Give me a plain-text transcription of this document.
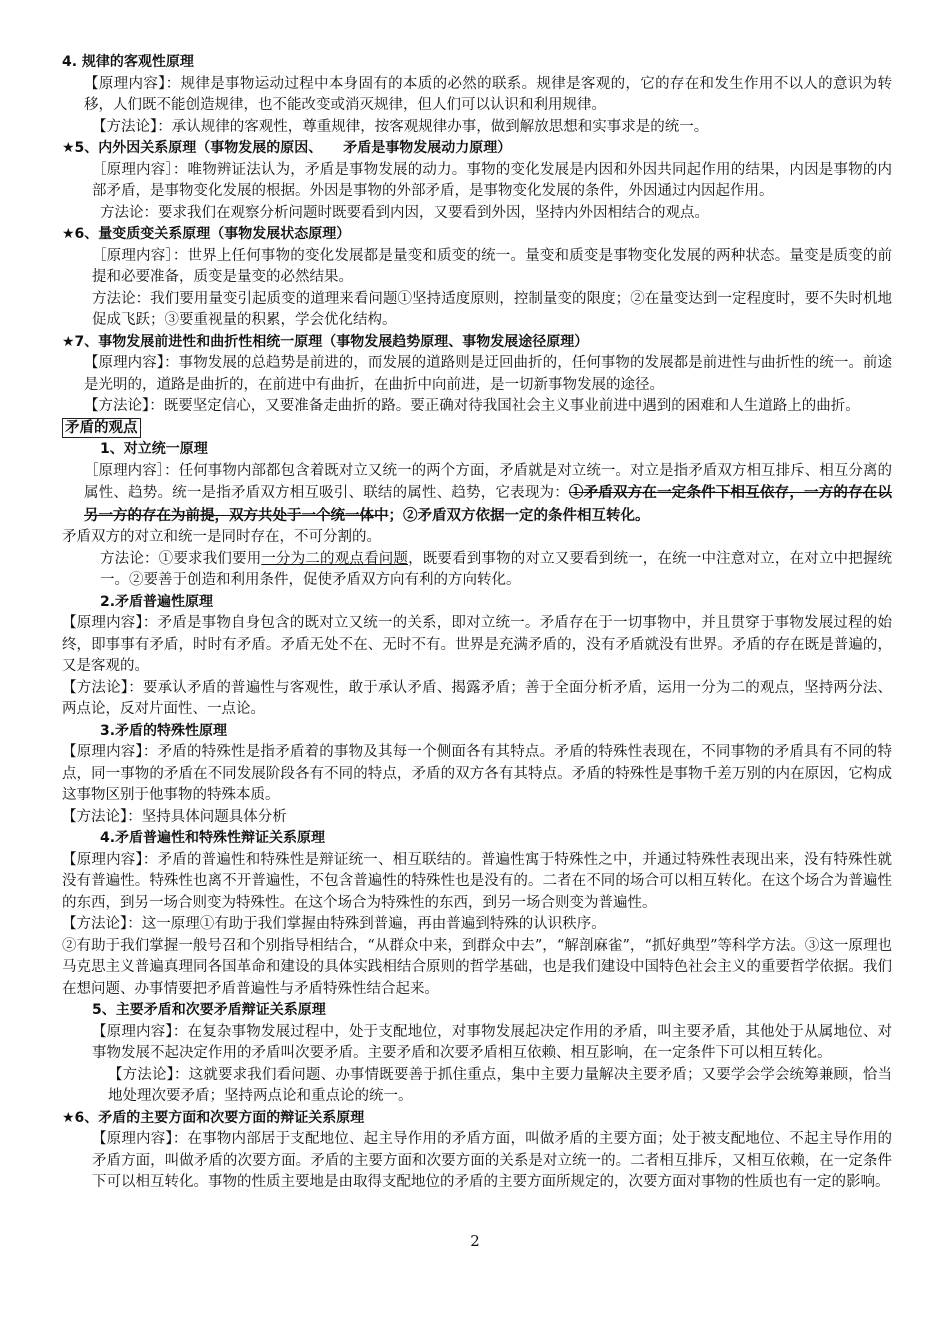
4. 规律的客观性原理

【原理内容】：规律是事物运动过程中本身固有的本质的必然的联系。规律是客观的，它的存在和发生作用不以人的意识为转移，人们既不能创造规律，也不能改变或消灭规律，但人们可以认识和利用规律。

【方法论】：承认规律的客观性，尊重规律，按客观规律办事，做到解放思想和实事求是的统一。

★5、内外因关系原理（事物发展的原因、　　矛盾是事物发展动力原理）

［原理内容］：唯物辨证法认为，矛盾是事物发展的动力。事物的变化发展是内因和外因共同起作用的结果，内因是事物的内部矛盾，是事物变化发展的根据。外因是事物的外部矛盾，是事物变化发展的条件，外因通过内因起作用。

方法论：要求我们在观察分析问题时既要看到内因，又要看到外因，坚持内外因相结合的观点。

★6、量变质变关系原理（事物发展状态原理）

［原理内容］：世界上任何事物的变化发展都是量变和质变的统一。量变和质变是事物变化发展的两种状态。量变是质变的前提和必要准备，质变是量变的必然结果。

方法论：我们要用量变引起质变的道理来看问题①坚持适度原则，控制量变的限度；②在量变达到一定程度时，要不失时机地促成飞跃；③要重视量的积累，学会优化结构。

★7、事物发展前进性和曲折性相统一原理（事物发展趋势原理、事物发展途径原理）

【原理内容】：事物发展的总趋势是前进的，而发展的道路则是迂回曲折的，任何事物的发展都是前进性与曲折性的统一。前途是光明的，道路是曲折的，在前进中有曲折，在曲折中向前进，是一切新事物发展的途径。

【方法论】：既要坚定信心，又要准备走曲折的路。要正确对待我国社会主义事业前进中遇到的困难和人生道路上的曲折。

矛盾的观点

1、对立统一原理

［原理内容］：任何事物内部都包含着既对立又统一的两个方面，矛盾就是对立统一。对立是指矛盾双方相互排斥、相互分离的属性、趋势。统一是指矛盾双方相互吸引、联结的属性、趋势，它表现为：①矛盾双方在一定条件下相互依存，一方的存在以另一方的存在为前提，双方共处于一个统一体中；②矛盾双方依据一定的条件相互转化。

矛盾双方的对立和统一是同时存在，不可分割的。

方法论：①要求我们要用一分为二的观点看问题，既要看到事物的对立又要看到统一，在统一中注意对立，在对立中把握统一。②要善于创造和利用条件，促使矛盾双方向有利的方向转化。

2.矛盾普遍性原理

【原理内容】：矛盾是事物自身包含的既对立又统一的关系，即对立统一。矛盾存在于一切事物中，并且贯穿于事物发展过程的始终，即事事有矛盾，时时有矛盾。矛盾无处不在、无时不有。世界是充满矛盾的，没有矛盾就没有世界。矛盾的存在既是普遍的，又是客观的。

【方法论】：要承认矛盾的普遍性与客观性，敢于承认矛盾、揭露矛盾；善于全面分析矛盾，运用一分为二的观点，坚持两分法、两点论，反对片面性、一点论。

3.矛盾的特殊性原理

【原理内容】：矛盾的特殊性是指矛盾着的事物及其每一个侧面各有其特点。矛盾的特殊性表现在，不同事物的矛盾具有不同的特点，同一事物的矛盾在不同发展阶段各有不同的特点，矛盾的双方各有其特点。矛盾的特殊性是事物千差万别的内在原因，它构成这事物区别于他事物的特殊本质。

【方法论】：坚持具体问题具体分析

4.矛盾普遍性和特殊性辩证关系原理

【原理内容】：矛盾的普遍性和特殊性是辩证统一、相互联结的。普遍性寓于特殊性之中，并通过特殊性表现出来，没有特殊性就没有普遍性。特殊性也离不开普遍性，不包含普遍性的特殊性也是没有的。二者在不同的场合可以相互转化。在这个场合为普遍性的东西，到另一场合则变为特殊性。在这个场合为特殊性的东西，到另一场合则变为普遍性。

【方法论】：这一原理①有助于我们掌握由特殊到普遍，再由普遍到特殊的认识秩序。

②有助于我们掌握一般号召和个别指导相结合，“从群众中来，到群众中去”，“解剖麻雀”，“抓好典型”等科学方法。③这一原理也马克思主义普遍真理同各国革命和建设的具体实践相结合原则的哲学基础，也是我们建设中国特色社会主义的重要哲学依据。我们在想问题、办事情要把矛盾普遍性与矛盾特殊性结合起来。

5、主要矛盾和次要矛盾辩证关系原理

【原理内容】：在复杂事物发展过程中，处于支配地位，对事物发展起决定作用的矛盾，叫主要矛盾，其他处于从属地位、对事物发展不起决定作用的矛盾叫次要矛盾。主要矛盾和次要矛盾相互依赖、相互影响，在一定条件下可以相互转化。

【方法论】：这就要求我们看问题、办事情既要善于抓住重点，集中主要力量解决主要矛盾；又要学会学会统筹兼顾，恰当地处理次要矛盾；坚持两点论和重点论的统一。

★6、矛盾的主要方面和次要方面的辩证关系原理

【原理内容】：在事物内部居于支配地位、起主导作用的矛盾方面，叫做矛盾的主要方面；处于被支配地位、不起主导作用的矛盾方面，叫做矛盾的次要方面。矛盾的主要方面和次要方面的关系是对立统一的。二者相互排斥，又相互依赖，在一定条件下可以相互转化。事物的性质主要地是由取得支配地位的矛盾的主要方面所规定的，次要方面对事物的性质也有一定的影响。

2
